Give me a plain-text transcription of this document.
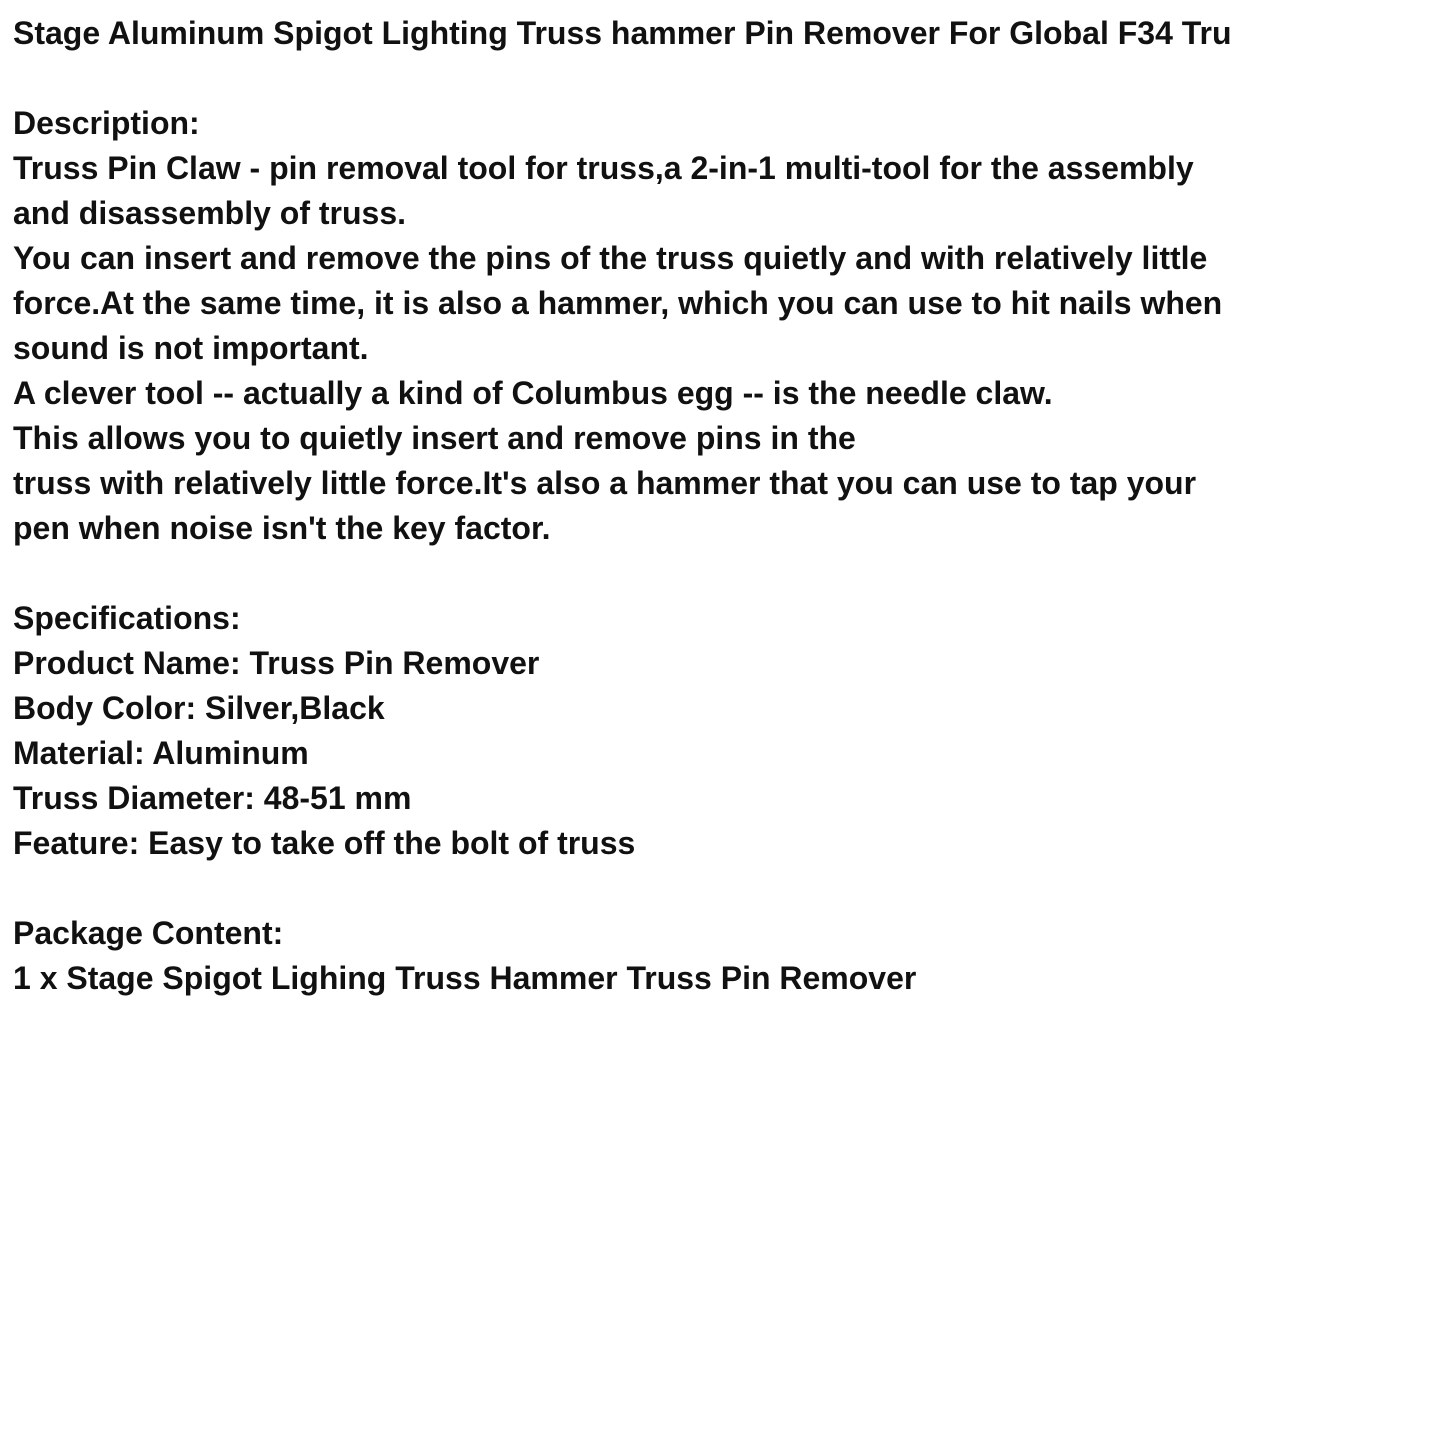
Stage Aluminum Spigot Lighting Truss hammer Pin Remover For Global F34 Tru
Description:
Truss Pin Claw - pin removal tool for truss,a 2-in-1 multi-tool for the assembly
and disassembly of truss.
You can insert and remove the pins of the truss quietly and with relatively little
force.At the same time, it is also a hammer, which you can use to hit nails when
sound is not important.
A clever tool -- actually a kind of Columbus egg -- is the needle claw.
This allows you to quietly insert and remove pins in the
truss with relatively little force.It's also a hammer that you can use to tap your
pen when noise isn't the key factor.
Specifications:
Product Name: Truss Pin Remover
Body Color: Silver,Black
Material: Aluminum
Truss Diameter: 48-51 mm
Feature: Easy to take off the bolt of truss
Package Content:
1 x Stage Spigot Lighing Truss Hammer Truss Pin Remover
